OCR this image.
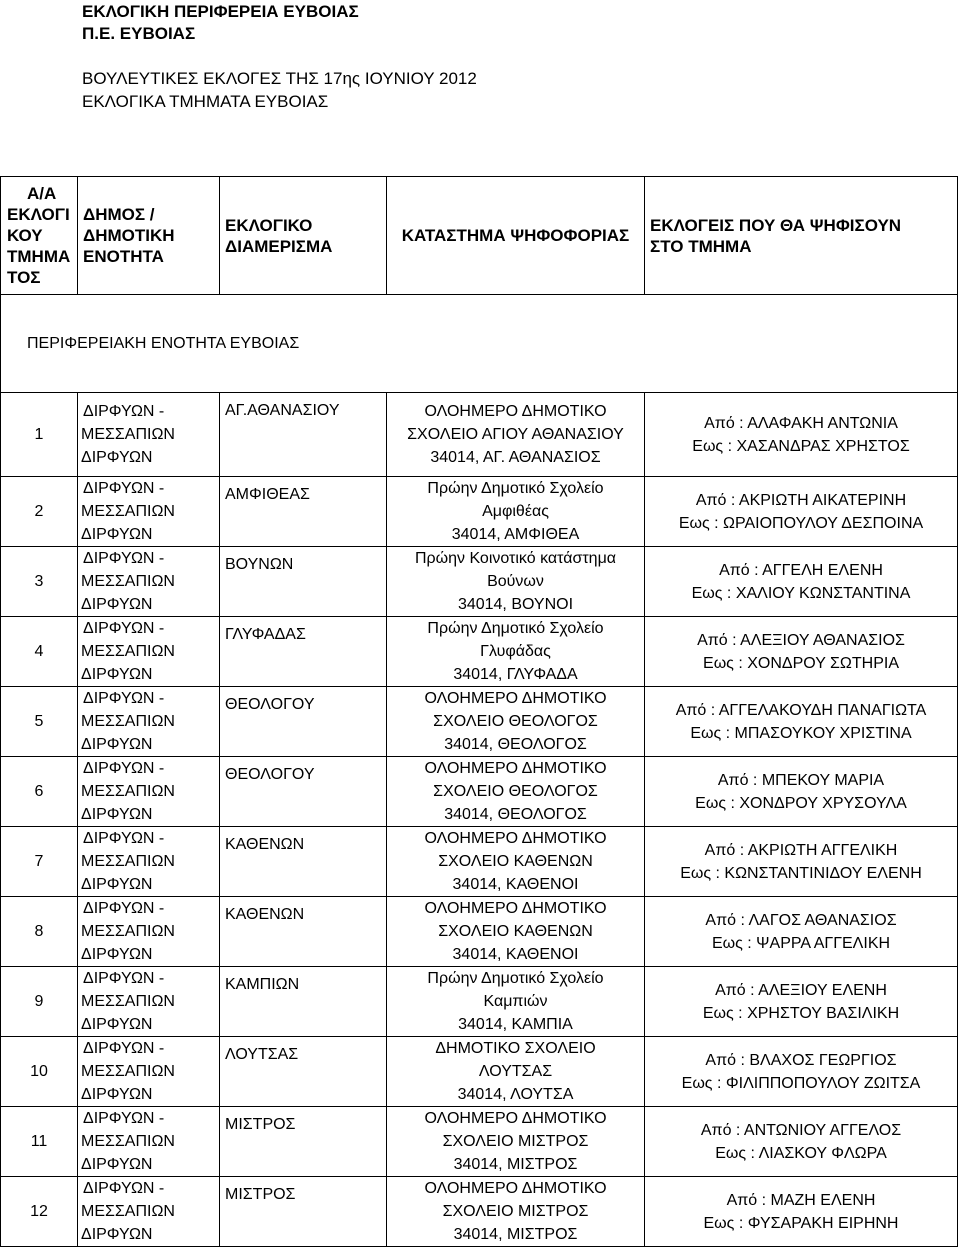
ΕΚΛΟΓΙΚΗ ΠΕΡΙΦΕΡΕΙΑ ΕΥΒΟΙΑΣ
Π.Ε. ΕΥΒΟΙΑΣ
ΒΟΥΛΕΥΤΙΚΕΣ ΕΚΛΟΓΕΣ ΤΗΣ 17ης ΙΟΥΝΙΟΥ 2012
ΕΚΛΟΓΙΚΑ ΤΜΗΜΑΤΑ ΕΥΒΟΙΑΣ
Α/Α
ΕΚΛΟΓΙ
ΚΟΥ
ΤΜΗΜΑ
ΤΟΣ	ΔΗΜΟΣ /
ΔΗΜΟΤΙΚΗ
ΕΝΟΤΗΤΑ	ΕΚΛΟΓΙΚΟ
ΔΙΑΜΕΡΙΣΜΑ	ΚΑΤΑΣΤΗΜΑ ΨΗΦΟΦΟΡΙΑΣ	ΕΚΛΟΓΕΙΣ ΠΟΥ ΘΑ ΨΗΦΙΣΟΥΝ
ΣΤΟ ΤΜΗΜΑ

ΠΕΡΙΦΕΡΕΙΑΚΗ ΕΝΟΤΗΤΑ ΕΥΒΟΙΑΣ				
1	ΔΙΡΦΥΩΝ -
ΜΕΣΣΑΠΙΩΝ
ΔΙΡΦΥΩΝ	ΑΓ.ΑΘΑΝΑΣΙΟΥ	ΟΛΟΗΜΕΡΟ ΔΗΜΟΤΙΚΟ
ΣΧΟΛΕΙΟ ΑΓΙΟΥ ΑΘΑΝΑΣΙΟΥ
34014, ΑΓ. ΑΘΑΝΑΣΙΟΣ	Από : ΑΛΑΦΑΚΗ ΑΝΤΩΝΙΑ
Εως : ΧΑΣΑΝΔΡΑΣ ΧΡΗΣΤΟΣ

2	ΔΙΡΦΥΩΝ -
ΜΕΣΣΑΠΙΩΝ
ΔΙΡΦΥΩΝ	ΑΜΦΙΘΕΑΣ	Πρώην Δημοτικό Σχολείο
Αμφιθέας
34014, ΑΜΦΙΘΕΑ	Από : ΑΚΡΙΩΤΗ ΑΙΚΑΤΕΡΙΝΗ
Εως : ΩΡΑΙΟΠΟΥΛΟΥ ΔΕΣΠΟΙΝΑ

3	ΔΙΡΦΥΩΝ -
ΜΕΣΣΑΠΙΩΝ
ΔΙΡΦΥΩΝ	ΒΟΥΝΩΝ	Πρώην Κοινοτικό κατάστημα
Βούνων
34014, ΒΟΥΝΟΙ	Από : ΑΓΓΕΛΗ ΕΛΕΝΗ
Εως : ΧΑΛΙΟΥ ΚΩΝΣΤΑΝΤΙΝΑ

4	ΔΙΡΦΥΩΝ -
ΜΕΣΣΑΠΙΩΝ
ΔΙΡΦΥΩΝ	ΓΛΥΦΑΔΑΣ	Πρώην Δημοτικό Σχολείο
Γλυφάδας
34014, ΓΛΥΦΑΔΑ	Από : ΑΛΕΞΙΟΥ ΑΘΑΝΑΣΙΟΣ
Εως : ΧΟΝΔΡΟΥ ΣΩΤΗΡΙΑ

5	ΔΙΡΦΥΩΝ -
ΜΕΣΣΑΠΙΩΝ
ΔΙΡΦΥΩΝ	ΘΕΟΛΟΓΟΥ	ΟΛΟΗΜΕΡΟ ΔΗΜΟΤΙΚΟ
ΣΧΟΛΕΙΟ ΘΕΟΛΟΓΟΣ
34014, ΘΕΟΛΟΓΟΣ	Από : ΑΓΓΕΛΑΚΟΥΔΗ ΠΑΝΑΓΙΩΤΑ
Εως : ΜΠΑΣΟΥΚΟΥ ΧΡΙΣΤΙΝΑ

6	ΔΙΡΦΥΩΝ -
ΜΕΣΣΑΠΙΩΝ
ΔΙΡΦΥΩΝ	ΘΕΟΛΟΓΟΥ	ΟΛΟΗΜΕΡΟ ΔΗΜΟΤΙΚΟ
ΣΧΟΛΕΙΟ ΘΕΟΛΟΓΟΣ
34014, ΘΕΟΛΟΓΟΣ	Από : ΜΠΕΚΟΥ ΜΑΡΙΑ
Εως : ΧΟΝΔΡΟΥ ΧΡΥΣΟΥΛΑ

7	ΔΙΡΦΥΩΝ -
ΜΕΣΣΑΠΙΩΝ
ΔΙΡΦΥΩΝ	ΚΑΘΕΝΩΝ	ΟΛΟΗΜΕΡΟ ΔΗΜΟΤΙΚΟ
ΣΧΟΛΕΙΟ ΚΑΘΕΝΩΝ
34014, ΚΑΘΕΝΟΙ	Από : ΑΚΡΙΩΤΗ ΑΓΓΕΛΙΚΗ
Εως : ΚΩΝΣΤΑΝΤΙΝΙΔΟΥ ΕΛΕΝΗ

8	ΔΙΡΦΥΩΝ -
ΜΕΣΣΑΠΙΩΝ
ΔΙΡΦΥΩΝ	ΚΑΘΕΝΩΝ	ΟΛΟΗΜΕΡΟ ΔΗΜΟΤΙΚΟ
ΣΧΟΛΕΙΟ ΚΑΘΕΝΩΝ
34014, ΚΑΘΕΝΟΙ	Από : ΛΑΓΟΣ ΑΘΑΝΑΣΙΟΣ
Εως : ΨΑΡΡΑ ΑΓΓΕΛΙΚΗ

9	ΔΙΡΦΥΩΝ -
ΜΕΣΣΑΠΙΩΝ
ΔΙΡΦΥΩΝ	ΚΑΜΠΙΩΝ	Πρώην Δημοτικό Σχολείο
Καμπιών
34014, ΚΑΜΠΙΑ	Από : ΑΛΕΞΙΟΥ ΕΛΕΝΗ
Εως : ΧΡΗΣΤΟΥ ΒΑΣΙΛΙΚΗ

10	ΔΙΡΦΥΩΝ -
ΜΕΣΣΑΠΙΩΝ
ΔΙΡΦΥΩΝ	ΛΟΥΤΣΑΣ	ΔΗΜΟΤΙΚΟ ΣΧΟΛΕΙΟ
ΛΟΥΤΣΑΣ
34014, ΛΟΥΤΣΑ	Από : ΒΛΑΧΟΣ ΓΕΩΡΓΙΟΣ
Εως : ΦΙΛΙΠΠΟΠΟΥΛΟΥ ΖΩΙΤΣΑ

11	ΔΙΡΦΥΩΝ -
ΜΕΣΣΑΠΙΩΝ
ΔΙΡΦΥΩΝ	ΜΙΣΤΡΟΣ	ΟΛΟΗΜΕΡΟ ΔΗΜΟΤΙΚΟ
ΣΧΟΛΕΙΟ ΜΙΣΤΡΟΣ
34014, ΜΙΣΤΡΟΣ	Από : ΑΝΤΩΝΙΟΥ ΑΓΓΕΛΟΣ
Εως : ΛΙΑΣΚΟΥ ΦΛΩΡΑ

12	ΔΙΡΦΥΩΝ -
ΜΕΣΣΑΠΙΩΝ
ΔΙΡΦΥΩΝ	ΜΙΣΤΡΟΣ	ΟΛΟΗΜΕΡΟ ΔΗΜΟΤΙΚΟ
ΣΧΟΛΕΙΟ ΜΙΣΤΡΟΣ
34014, ΜΙΣΤΡΟΣ	Από : ΜΑΖΗ ΕΛΕΝΗ
Εως : ΦΥΣΑΡΑΚΗ ΕΙΡΗΝΗ
